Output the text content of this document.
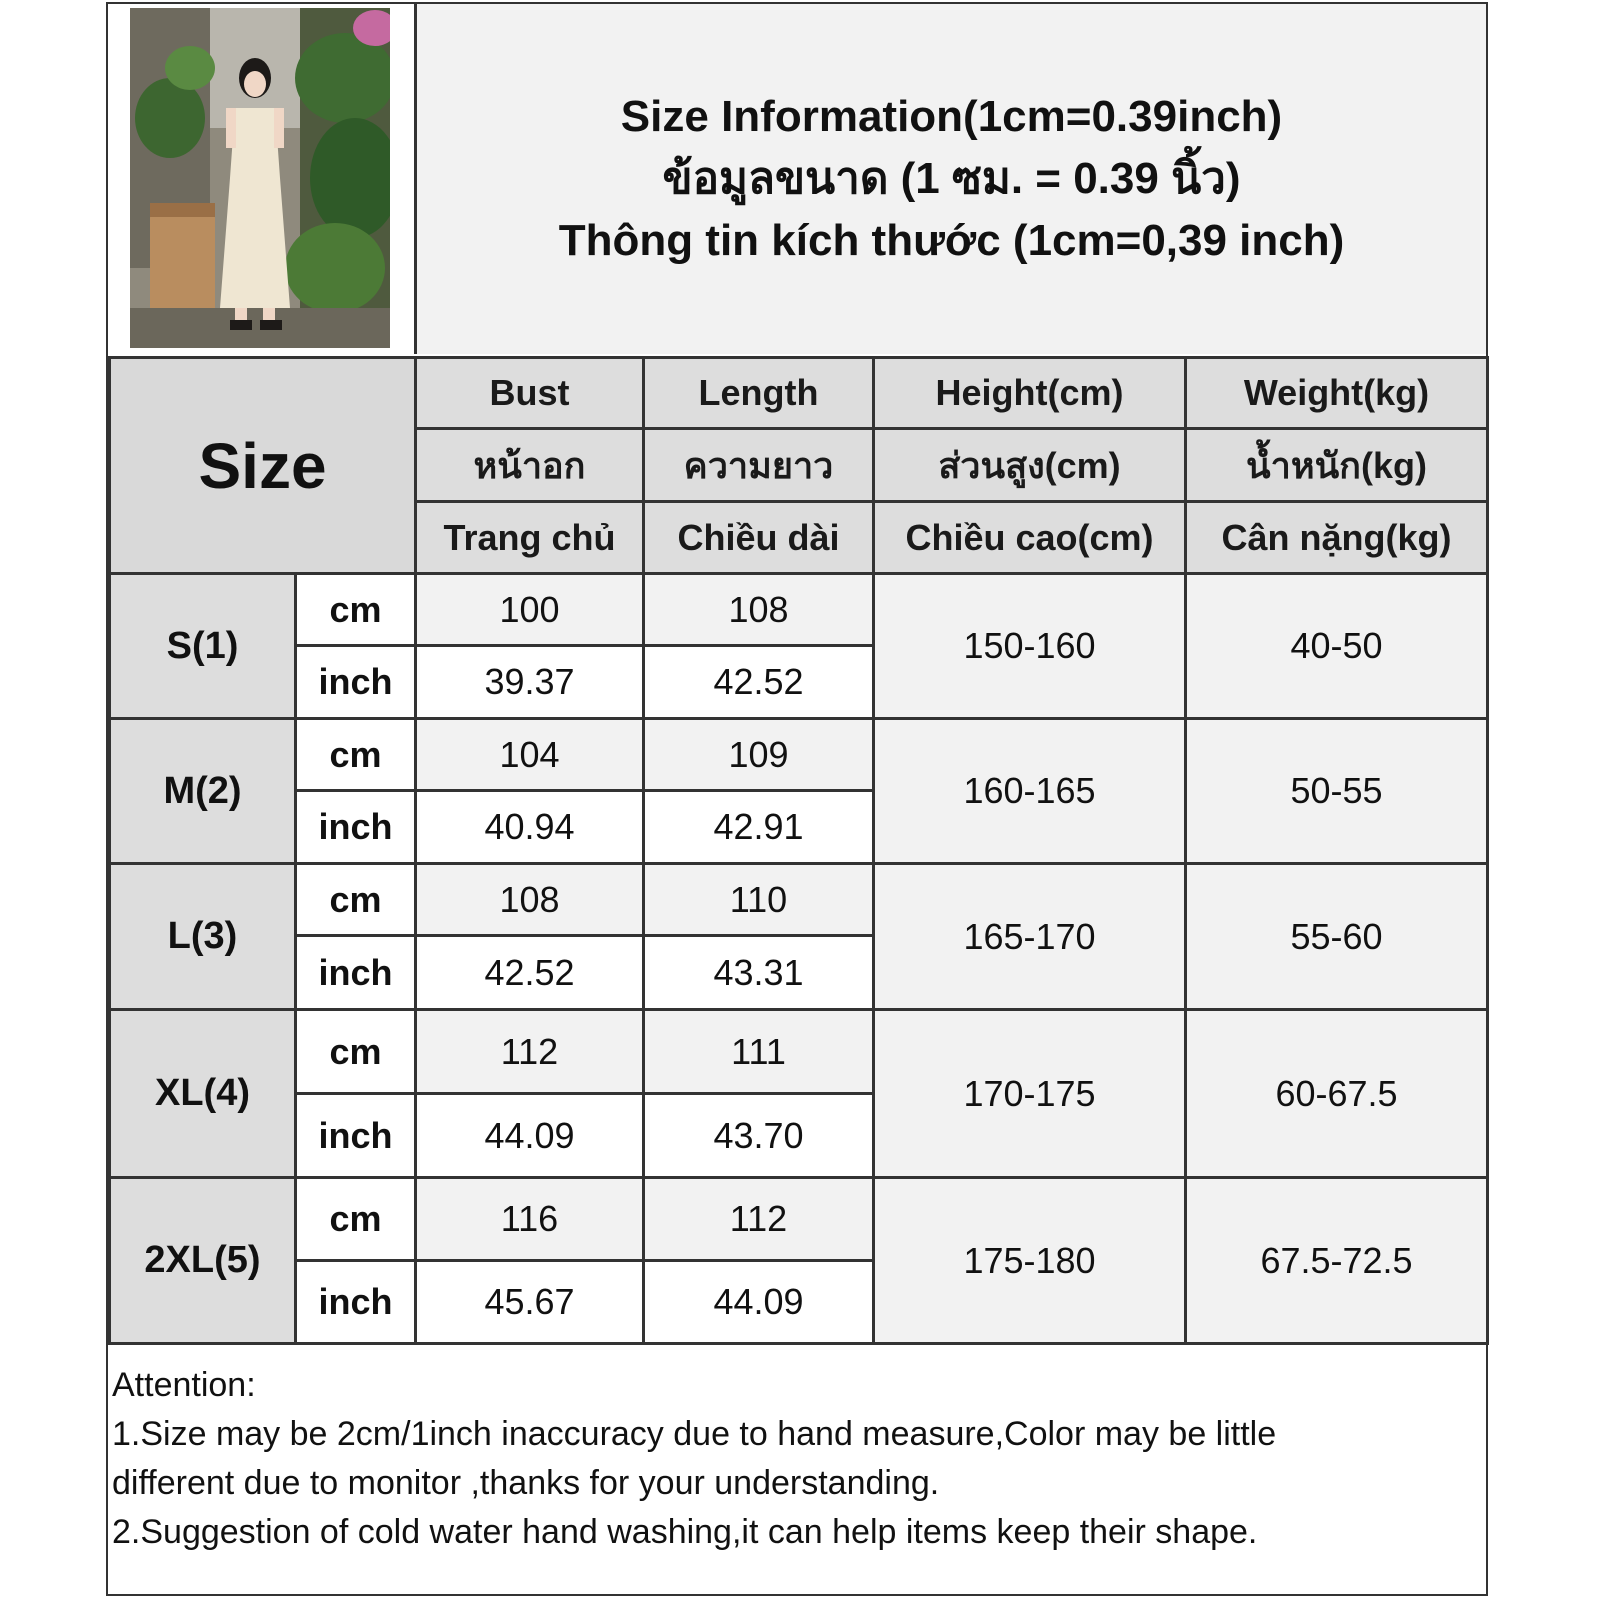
Size Information(1cm=0.39inch)
ข้อมูลขนาด (1 ซม. = 0.39 นิ้ว)
Thông tin kích thước (1cm=0,39 inch)
Size		Bust	Length	Height(cm)	Weight(kg)
		หน้าอก	ความยาว	ส่วนสูง(cm)	น้ำหนัก(kg)
		Trang chủ	Chiều dài	Chiều cao(cm)	Cân nặng(kg)
S(1)	cm	100	108	150-160	40-50
	inch	39.37	42.52		
M(2)	cm	104	109	160-165	50-55
	inch	40.94	42.91		
L(3)	cm	108	110	165-170	55-60
	inch	42.52	43.31		
XL(4)	cm	112	111	170-175	60-67.5
	inch	44.09	43.70		
2XL(5)	cm	116	112	175-180	67.5-72.5
	inch	45.67	44.09		
Attention:
1.Size may be 2cm/1inch inaccuracy due to hand measure,Color may be little
different due to monitor ,thanks for your understanding.
2.Suggestion of cold water hand washing,it can help items keep their shape.
